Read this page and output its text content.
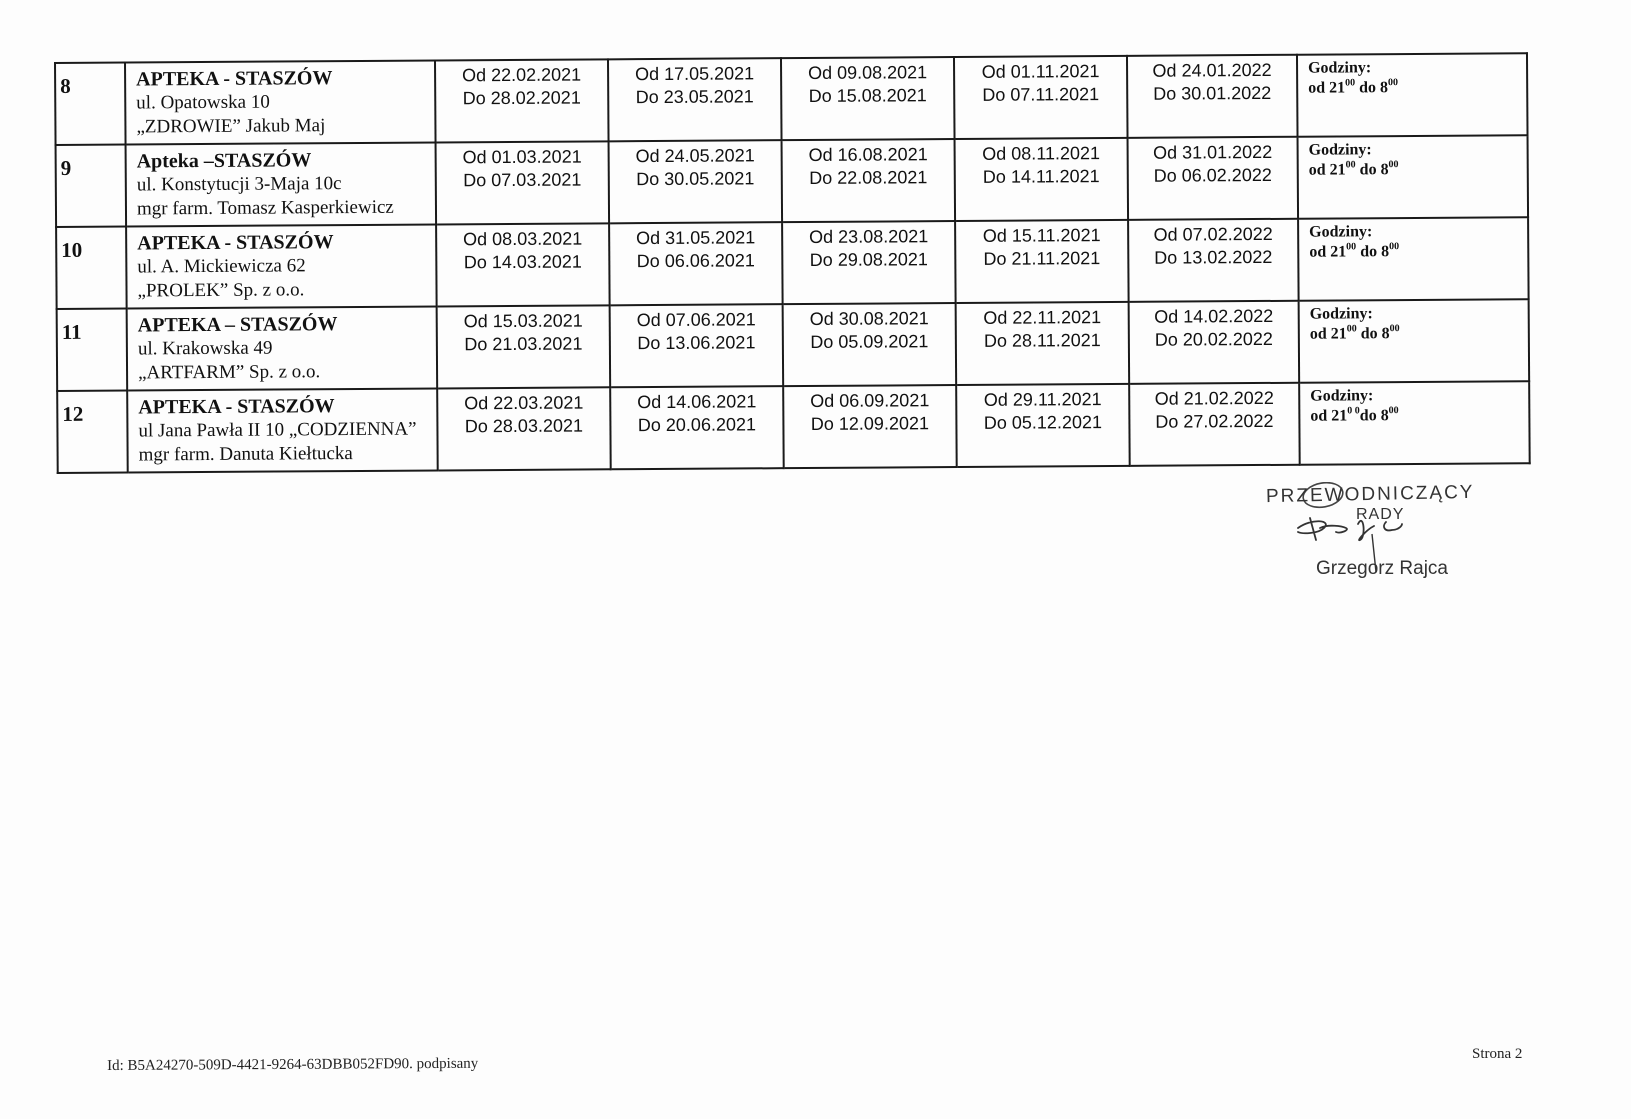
8	APTEKA - STASZÓW
ul. Opatowska 10
„ZDROWIE” Jakub Maj	Od 22.02.2021
Do 28.02.2021	Od 17.05.2021
Do 23.05.2021	Od 09.08.2021
Do 15.08.2021	Od 01.11.2021
Do 07.11.2021	Od 24.01.2022
Do 30.01.2022	Godziny:
od $21^{00}$ do $8^{00}$

9	Apteka –STASZÓW
ul. Konstytucji 3-Maja 10c
mgr farm. Tomasz Kasperkiewicz	Od 01.03.2021
Do 07.03.2021	Od 24.05.2021
Do 30.05.2021	Od 16.08.2021
Do 22.08.2021	Od 08.11.2021
Do 14.11.2021	Od 31.01.2022
Do 06.02.2022	Godziny:
od $21^{00}$ do $8^{00}$

10	APTEKA - STASZÓW
ul. A. Mickiewicza 62
„PROLEK” Sp. z o.o.	Od 08.03.2021
Do 14.03.2021	Od 31.05.2021
Do 06.06.2021	Od 23.08.2021
Do 29.08.2021	Od 15.11.2021
Do 21.11.2021	Od 07.02.2022
Do 13.02.2022	Godziny:
od $21^{00}$ do $8^{00}$

11	APTEKA – STASZÓW
ul. Krakowska 49
„ARTFARM” Sp. z o.o.	Od 15.03.2021
Do 21.03.2021	Od 07.06.2021
Do 13.06.2021	Od 30.08.2021
Do 05.09.2021	Od 22.11.2021
Do 28.11.2021	Od 14.02.2022
Do 20.02.2022	Godziny:
od $21^{00}$ do $8^{00}$

12	APTEKA - STASZÓW
ul Jana Pawła II 10 „CODZIENNA”
mgr farm. Danuta Kiełtucka	Od 22.03.2021
Do 28.03.2021	Od 14.06.2021
Do 20.06.2021	Od 06.09.2021
Do 12.09.2021	Od 29.11.2021
Do 05.12.2021	Od 21.02.2022
Do 27.02.2022	Godziny:
od $21^{0 0}do$ $8^{00}$
PRZEWODNICZĄCY
RADY
Grzegorz Rajca
Id: B5A24270-509D-4421-9264-63DBB052FD90. podpisany
Strona 2
